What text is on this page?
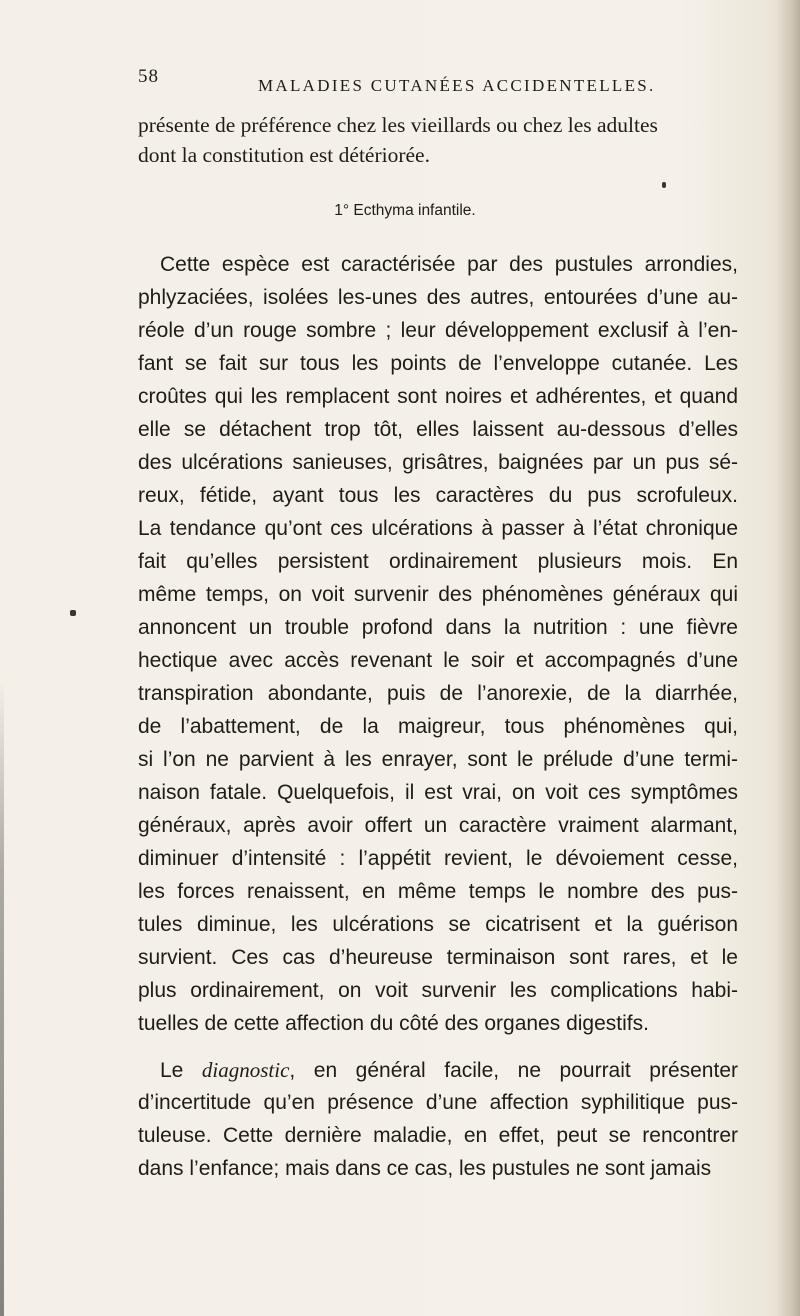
58	MALADIES CUTANÉES ACCIDENTELLES.
présente de préférence chez les vieillards ou chez les adultes
dont la constitution est détériorée.
1° Ecthyma infantile.
Cette espèce est caractérisée par des pustules arrondies,
phlyzaciées, isolées les-unes des autres, entourées d’une au-
réole d’un rouge sombre ; leur développement exclusif à l’en-
fant se fait sur tous les points de l’enveloppe cutanée. Les
croûtes qui les remplacent sont noires et adhérentes, et quand
elle se détachent trop tôt, elles laissent au-dessous d’elles
des ulcérations sanieuses, grisâtres, baignées par un pus sé-
reux, fétide, ayant tous les caractères du pus scrofuleux.
La tendance qu’ont ces ulcérations à passer à l’état chronique
fait qu’elles persistent ordinairement plusieurs mois. En
même temps, on voit survenir des phénomènes généraux qui
annoncent un trouble profond dans la nutrition : une fièvre
hectique avec accès revenant le soir et accompagnés d’une
transpiration abondante, puis de l’anorexie, de la diarrhée,
de l’abattement, de la maigreur, tous phénomènes qui,
si l’on ne parvient à les enrayer, sont le prélude d’une termi-
naison fatale. Quelquefois, il est vrai, on voit ces symptômes
généraux, après avoir offert un caractère vraiment alarmant,
diminuer d’intensité : l’appétit revient, le dévoiement cesse,
les forces renaissent, en même temps le nombre des pus-
tules diminue, les ulcérations se cicatrisent et la guérison
survient. Ces cas d’heureuse terminaison sont rares, et le
plus ordinairement, on voit survenir les complications habi-
tuelles de cette affection du côté des organes digestifs.
Le diagnostic, en général facile, ne pourrait présenter
d’incertitude qu’en présence d’une affection syphilitique pus-
tuleuse. Cette dernière maladie, en effet, peut se rencontrer
dans l’enfance; mais dans ce cas, les pustules ne sont jamais
